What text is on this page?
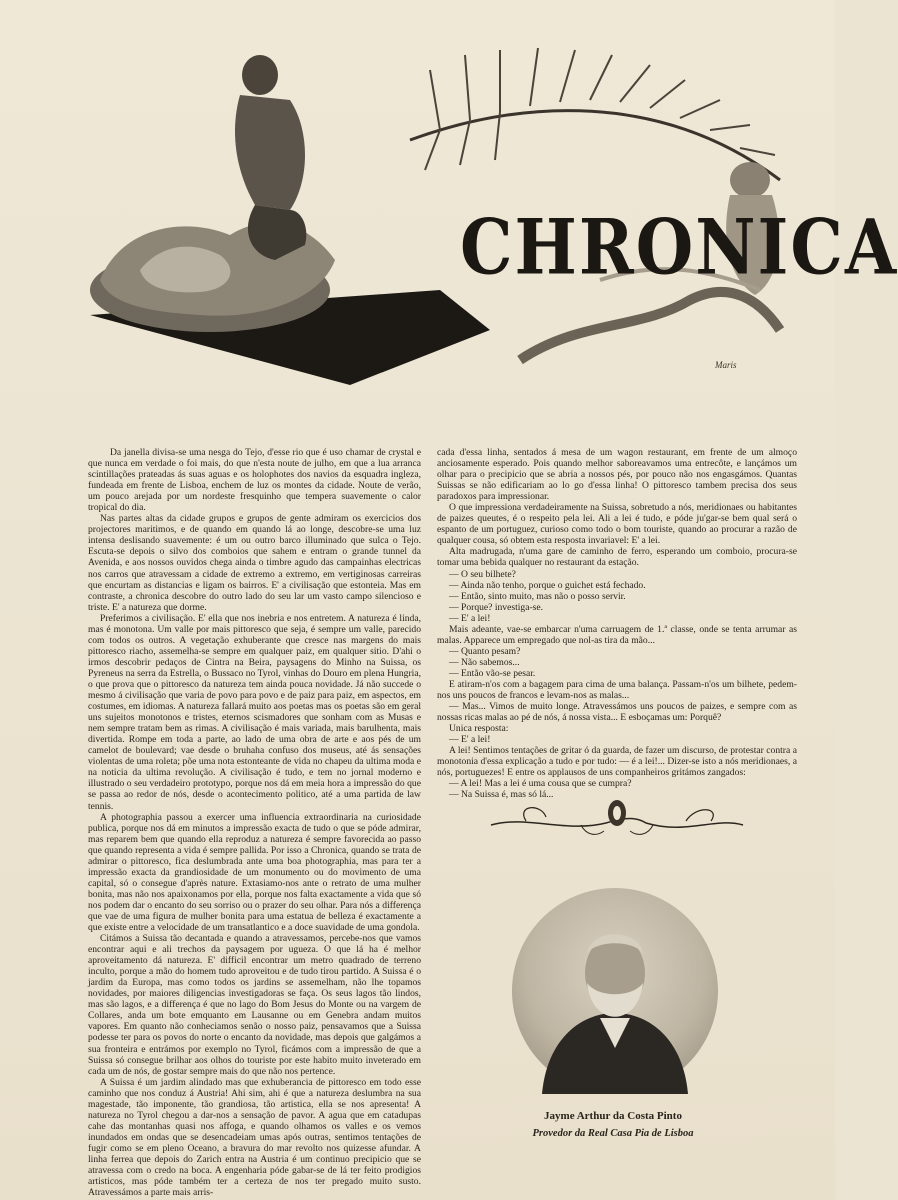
CHRONICA
Maris

Da janella divisa-se uma nesga do Tejo, d'esse rio que é uso chamar de crystal e que nunca em verdade o foi mais, do que n'esta noute de julho, em que a lua arranca scintillações prateadas ás suas aguas e os holophotes dos navios da esquadra ingleza, fundeada em frente de Lisboa, enchem de luz os montes da cidade. Noute de verão, um pouco arejada por um nordeste fresquinho que tempera suavemente o calor tropical do dia.

Nas partes altas da cidade grupos e grupos de gente admiram os exercicios dos projectores maritimos, e de quando em quando lá ao longe, descobre-se uma luz intensa deslisando suavemente: é um ou outro barco illuminado que sulca o Tejo. Escuta-se depois o silvo dos comboios que sahem e entram o grande tunnel da Avenida, e aos nossos ouvidos chega ainda o timbre agudo das campainhas electricas nos carros que atravessam a cidade de extremo a extremo, em vertiginosas carreiras que encurtam as distancias e ligam os bairros. E' a civilisação que estonteia. Mas em contraste, a chronica descobre do outro lado do seu lar um vasto campo silencioso e triste. E' a natureza que dorme.

Preferimos a civilisação. E' ella que nos inebria e nos entretem. A natureza é linda, mas é monotona. Um valle por mais pittoresco que seja, é sempre um valle, parecido com todos os outros. A vegetação exhuberante que cresce nas margens do mais pittoresco riacho, assemelha-se sempre em qualquer paiz, em qualquer sitio. D'ahi o irmos descobrir pedaços de Cintra na Beira, paysagens do Minho na Suissa, os Pyreneus na serra da Estrella, o Bussaco no Tyrol, vinhas do Douro em plena Hungria, o que prova que o pittoresco da natureza tem ainda pouca novidade. Já não succede o mesmo á civilisação que varia de povo para povo e de paiz para paiz, em aspectos, em costumes, em idiomas. A natureza fallará muito aos poetas mas os poetas são em geral uns sujeitos monotonos e tristes, eternos scismadores que sonham com as Musas e nem sempre tratam bem as rimas. A civilisação é mais variada, mais barulhenta, mais divertida. Rompe em toda a parte, ao lado de uma obra de arte e aos pés de um camelot de boulevard; vae desde o bruhaha confuso dos museus, até ás sensações violentas de uma roleta; põe uma nota estonteante de vida no chapeu da ultima moda e na noticia da ultima revolução. A civilisação é tudo, e tem no jornal moderno e illustrado o seu verdadeiro prototypo, porque nos dá em meia hora a impressão do que se passa ao redor de nós, desde o acontecimento politico, até a uma partida de law tennis.

A photographia passou a exercer uma influencia extraordinaria na curiosidade publica, porque nos dá em minutos a impressão exacta de tudo o que se póde admirar, mas reparem bem que quando ella reproduz a natureza é sempre favorecida ao passo que quando representa a vida é sempre pallida. Por isso a Chronica, quando se trata de admirar o pittoresco, fica deslumbrada ante uma boa photographia, mas para ter a impressão exacta da grandiosidade de um monumento ou do movimento de uma capital, só o consegue d'après nature. Extasiamo-nos ante o retrato de uma mulher bonita, mas não nos apaixonamos por ella, porque nos falta exactamente a vida que só nos podem dar o encanto do seu sorriso ou o prazer do seu olhar. Para nós a differença que vae de uma figura de mulher bonita para uma estatua de belleza é exactamente a que existe entre a velocidade de um transatlantico e a doce suavidade de uma gondola.

Citámos a Suissa tão decantada e quando a atravessamos, percebe-nos que vamos encontrar aqui e ali trechos da paysagem por ugueza. O que lá ha é melhor aproveitamento dá natureza. E' difficil encontrar um metro quadrado de terreno inculto, porque a mão do homem tudo aproveitou e de tudo tirou partido. A Suissa é o jardim da Europa, mas como todos os jardins se assemelham, não lhe topamos novidades, por maiores diligencias investigadoras se faça. Os seus lagos tão lindos, mas são lagos, e a differença é que no lago do Bom Jesus do Monte ou na vargem de Collares, anda um bote emquanto em Lausanne ou em Genebra andam muitos vapores. Em quanto não conheciamos senão o nosso paiz, pensavamos que a Suissa podesse ter para os povos do norte o encanto da novidade, mas depois que galgámos a sua fronteira e entrámos por exemplo no Tyrol, ficámos com a impressão de que a Suissa só consegue brilhar aos olhos do touriste por este habito muito inveterado em cada um de nós, de gostar sempre mais do que não nos pertence.

A Suissa é um jardim alindado mas que exhuberancia de pittoresco em todo esse caminho que nos conduz á Austria! Ahi sim, ahi é que a natureza deslumbra na sua magestade, tão imponente, tão grandiosa, tão artistica, ella se nos apresenta! A natureza no Tyrol chegou a dar-nos a sensação de pavor. A agua que em catadupas cahe das montanhas quasi nos affoga, e quando olhamos os valles e os vemos inundados em ondas que se desencadeiam umas após outras, sentimos tentações de fugir como se em pleno Oceano, a bravura do mar revolto nos quizesse afundar. A linha ferrea que depois do Zarich entra na Austria é um continuo precipicio que se atravessa com o credo na boca. A engenharia póde gabar-se de lá ter feito prodigios artisticos, mas póde também ter a certeza de nos ter pregado muito susto. Atravessámos a parte mais arris-

cada d'essa linha, sentados á mesa de um wagon restaurant, em frente de um almoço anciosamente esperado. Pois quando melhor saboreavamos uma entrecôte, e lançámos um olhar para o precipicio que se abria a nossos pés, por pouco não nos engasgámos. Quantas Suissas se não edificariam ao lo go d'essa linha! O pittoresco tambem precisa dos seus paradoxos para impressionar.

O que impressiona verdadeiramente na Suissa, sobretudo a nós, meridionaes ou habitantes de paizes queutes, é o respeito pela lei. Ali a lei é tudo, e póde ju'gar-se bem qual será o espanto de um portuguez, curioso como todo o bom touriste, quando ao procurar a razão de qualquer cousa, só obtem esta resposta invariavel: E' a lei.

Alta madrugada, n'uma gare de caminho de ferro, esperando um comboio, procura-se tomar uma bebida qualquer no restaurant da estação.

— O seu bilhete?

— Ainda não tenho, porque o guichet está fechado.

— Então, sinto muito, mas não o posso servir.

— Porque? investiga-se.

— E' a lei!

Mais adeante, vae-se embarcar n'uma carruagem de 1.ª classe, onde se tenta arrumar as malas. Apparece um empregado que nol-as tira da mão...

— Quanto pesam?

— Não sabemos...

— Então vão-se pesar.

E atiram-n'os com a bagagem para cima de uma balança. Passam-n'os um bilhete, pedem-nos uns poucos de francos e levam-nos as malas...

— Mas... Vimos de muito longe. Atravessámos uns poucos de paizes, e sempre com as nossas ricas malas ao pé de nós, á nossa vista... E esboçamas um: Porquê?

Unica resposta:

— E' a lei!

A lei! Sentimos tentações de gritar ó da guarda, de fazer um discurso, de protestar contra a monotonia d'essa explicação a tudo e por tudo: — é a lei!... Dizer-se isto a nós meridionaes, a nós, portuguezes! E entre os applausos de uns companheiros gritámos zangados:

— A lei! Mas a lei é uma cousa que se cumpra?

— Na Suissa é, mas só lá...

Jayme Arthur da Costa Pinto
Provedor da Real Casa Pia de Lisboa
